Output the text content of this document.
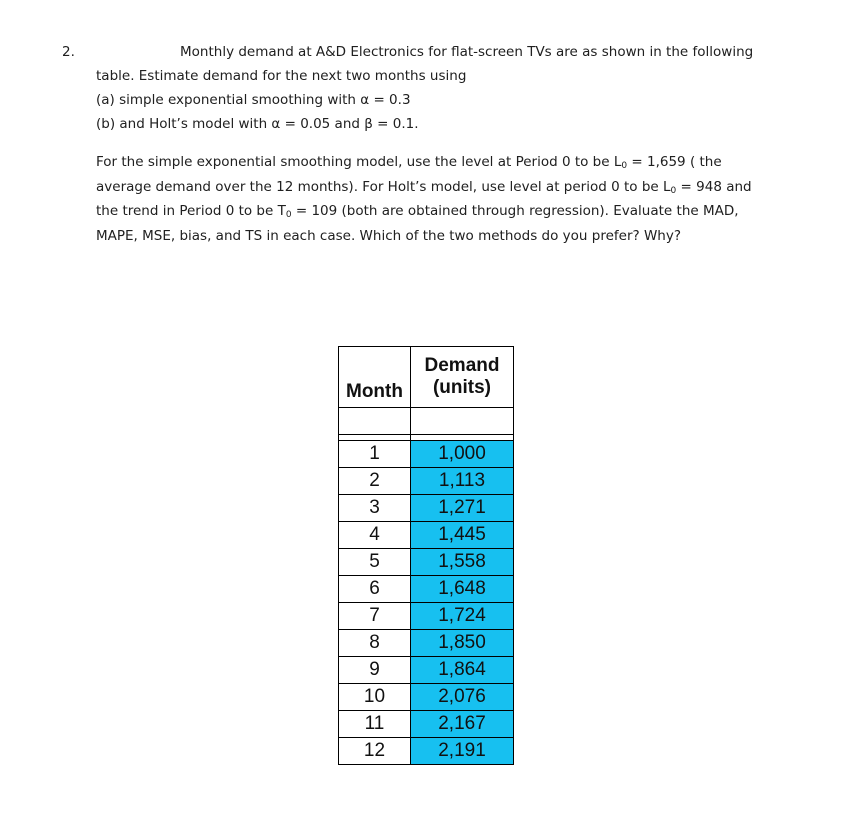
2.	Monthly demand at A&D Electronics for flat-screen TVs are as shown in the following
table. Estimate demand for the next two months using
(a) simple exponential smoothing with α = 0.3
(b) and Holt’s model with α = 0.05 and β = 0.1.
For the simple exponential smoothing model, use the level at Period 0 to be $L_0 = 1,659$ ( the
average demand over the 12 months). For Holt’s model, use level at period 0 to be $L_0 = 948$ and
the trend in Period 0 to be $T_0 = 109$ (both are obtained through regression). Evaluate the MAD,
MAPE, MSE, bias, and TS in each case. Which of the two methods do you prefer? Why?
Month	Demand
(units)

1	1,000
2	1,113
3	1,271
4	1,445
5	1,558
6	1,648
7	1,724
8	1,850
9	1,864
10	2,076
11	2,167
12	2,191
